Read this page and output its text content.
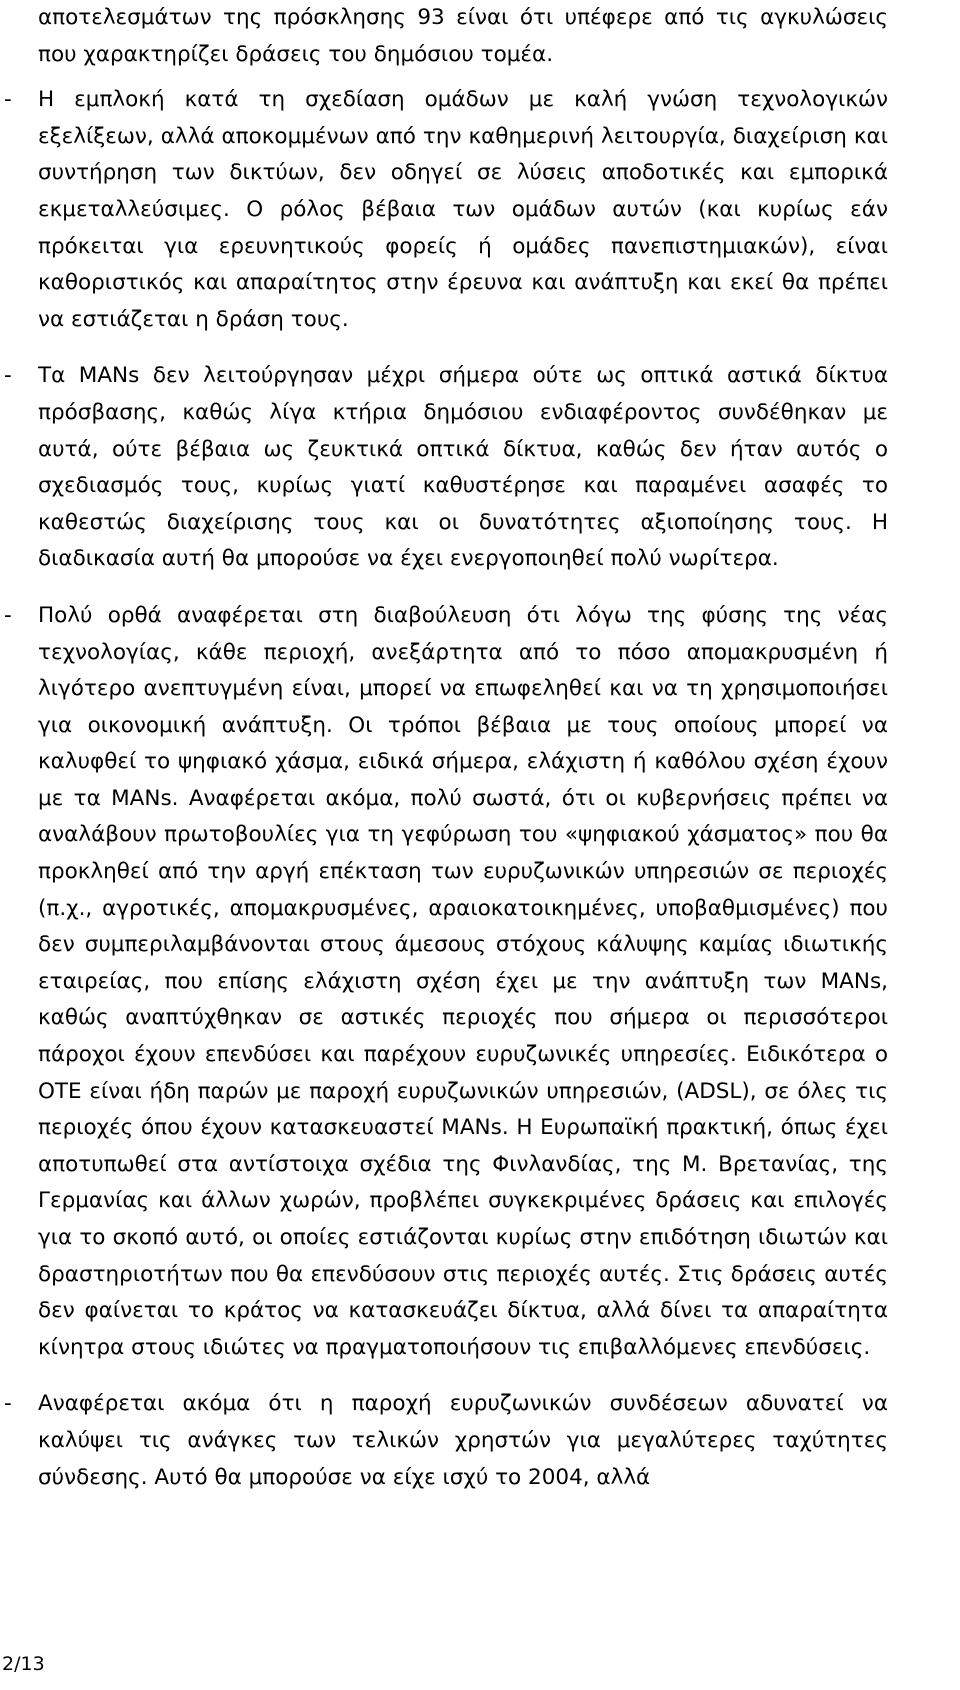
αποτελεσμάτων της πρόσκλησης 93 είναι ότι υπέφερε από τις αγκυλώσεις που χαρακτηρίζει δράσεις του δημόσιου τομέα.

- Η εμπλοκή κατά τη σχεδίαση ομάδων με καλή γνώση τεχνολογικών εξελίξεων, αλλά αποκομμένων από την καθημερινή λειτουργία, διαχείριση και συντήρηση των δικτύων, δεν οδηγεί σε λύσεις αποδοτικές και εμπορικά εκμεταλλεύσιμες. Ο ρόλος βέβαια των ομάδων αυτών (και κυρίως εάν πρόκειται για ερευνητικούς φορείς ή ομάδες πανεπιστημιακών), είναι καθοριστικός και απαραίτητος στην έρευνα και ανάπτυξη και εκεί θα πρέπει να εστιάζεται η δράση τους.

- Τα MANs δεν λειτούργησαν μέχρι σήμερα ούτε ως οπτικά αστικά δίκτυα πρόσβασης, καθώς λίγα κτήρια δημόσιου ενδιαφέροντος συνδέθηκαν με αυτά, ούτε βέβαια ως ζευκτικά οπτικά δίκτυα, καθώς δεν ήταν αυτός ο σχεδιασμός τους, κυρίως γιατί καθυστέρησε και παραμένει ασαφές το καθεστώς διαχείρισης τους και οι δυνατότητες αξιοποίησης τους. Η διαδικασία αυτή θα μπορούσε να έχει ενεργοποιηθεί πολύ νωρίτερα.

- Πολύ ορθά αναφέρεται στη διαβούλευση ότι λόγω της φύσης της νέας τεχνολογίας, κάθε περιοχή, ανεξάρτητα από το πόσο απομακρυσμένη ή λιγότερο ανεπτυγμένη είναι, μπορεί να επωφεληθεί και να τη χρησιμοποιήσει για οικονομική ανάπτυξη. Οι τρόποι βέβαια με τους οποίους μπορεί να καλυφθεί το ψηφιακό χάσμα, ειδικά σήμερα, ελάχιστη ή καθόλου σχέση έχουν με τα MANs. Αναφέρεται ακόμα, πολύ σωστά, ότι οι κυβερνήσεις πρέπει να αναλάβουν πρωτοβουλίες για τη γεφύρωση του «ψηφιακού χάσματος» που θα προκληθεί από την αργή επέκταση των ευρυζωνικών υπηρεσιών σε περιοχές (π.χ., αγροτικές, απομακρυσμένες, αραιοκατοικημένες, υποβαθμισμένες) που δεν συμπεριλαμβάνονται στους άμεσους στόχους κάλυψης καμίας ιδιωτικής εταιρείας, που επίσης ελάχιστη σχέση έχει με την ανάπτυξη των MANs, καθώς αναπτύχθηκαν σε αστικές περιοχές που σήμερα οι περισσότεροι πάροχοι έχουν επενδύσει και παρέχουν ευρυζωνικές υπηρεσίες. Ειδικότερα ο ΟΤΕ είναι ήδη παρών με παροχή ευρυζωνικών υπηρεσιών, (ADSL), σε όλες τις περιοχές όπου έχουν κατασκευαστεί MANs. Η Ευρωπαϊκή πρακτική, όπως έχει αποτυπωθεί στα αντίστοιχα σχέδια της Φινλανδίας, της Μ. Βρετανίας, της Γερμανίας και άλλων χωρών, προβλέπει συγκεκριμένες δράσεις και επιλογές για το σκοπό αυτό, οι οποίες εστιάζονται κυρίως στην επιδότηση ιδιωτών και δραστηριοτήτων που θα επενδύσουν στις περιοχές αυτές. Στις δράσεις αυτές δεν φαίνεται το κράτος να κατασκευάζει δίκτυα, αλλά δίνει τα απαραίτητα κίνητρα στους ιδιώτες να πραγματοποιήσουν τις επιβαλλόμενες επενδύσεις.

- Αναφέρεται ακόμα ότι η παροχή ευρυζωνικών συνδέσεων αδυνατεί να καλύψει τις ανάγκες των τελικών χρηστών για μεγαλύτερες ταχύτητες σύνδεσης. Αυτό θα μπορούσε να είχε ισχύ το 2004, αλλά

2/13
